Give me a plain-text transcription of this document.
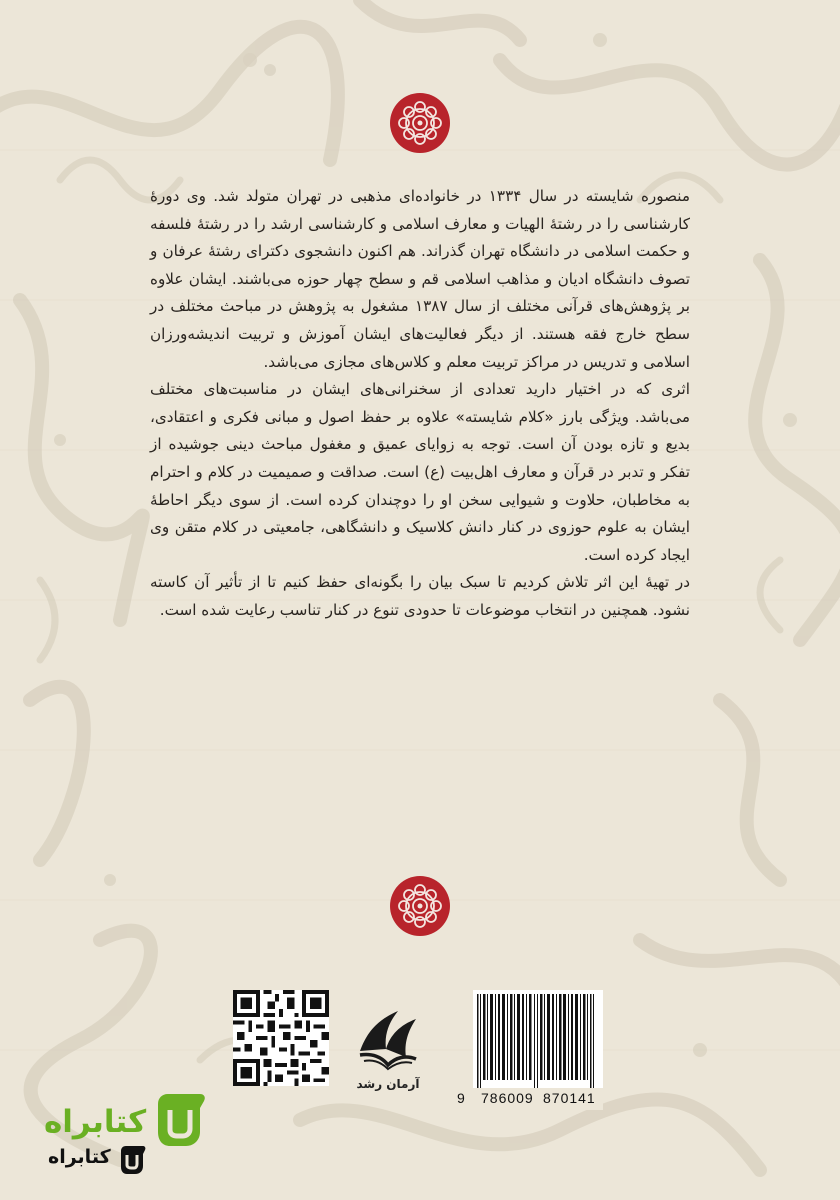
منصوره شایسته در سال ۱۳۳۴ در خانواده‌ای مذهبی در تهران متولد شد. وی دورهٔ کارشناسی را در رشتهٔ الهیات و معارف اسلامی و کارشناسی ارشد را در رشتهٔ فلسفه و حکمت اسلامی در دانشگاه تهران گذراند. هم اکنون دانشجوی دکترای رشتهٔ عرفان و تصوف دانشگاه ادیان و مذاهب اسلامی قم و سطح چهار حوزه می‌باشند. ایشان علاوه بر پژوهش‌های قرآنی مختلف از سال ۱۳۸۷ مشغول به پژوهش در مباحث مختلف در سطح خارج فقه هستند. از دیگر فعالیت‌های ایشان آموزش و تربیت اندیشه‌ورزان اسلامی و تدریس در مراکز تربیت معلم و کلاس‌های مجازی می‌باشد.

اثری که در اختیار دارید تعدادی از سخنرانی‌های ایشان در مناسبت‌های مختلف می‌باشد. ویژگی بارز «کلام شایسته» علاوه بر حفظ اصول و مبانی فکری و اعتقادی، بدیع و تازه بودن آن است. توجه به زوایای عمیق و مغفول مباحث دینی جوشیده از تفکر و تدبر در قرآن و معارف اهل‌بیت (ع) است. صداقت و صمیمیت در کلام و احترام به مخاطبان، حلاوت و شیوایی سخن او را دوچندان کرده است. از سوی دیگر احاطهٔ ایشان به علوم حوزوی در کنار دانش کلاسیک و دانشگاهی، جامعیتی در کلام متقن وی ایجاد کرده است.

در تهیهٔ این اثر تلاش کردیم تا سبک بیان را بگونه‌ای حفظ کنیم تا از تأثیر آن کاسته نشود. همچنین در انتخاب موضوعات تا حدودی تنوع در کنار تناسب رعایت شده است.

آرمان رشد
9 786009 870141
کتابراه
کتابراه
